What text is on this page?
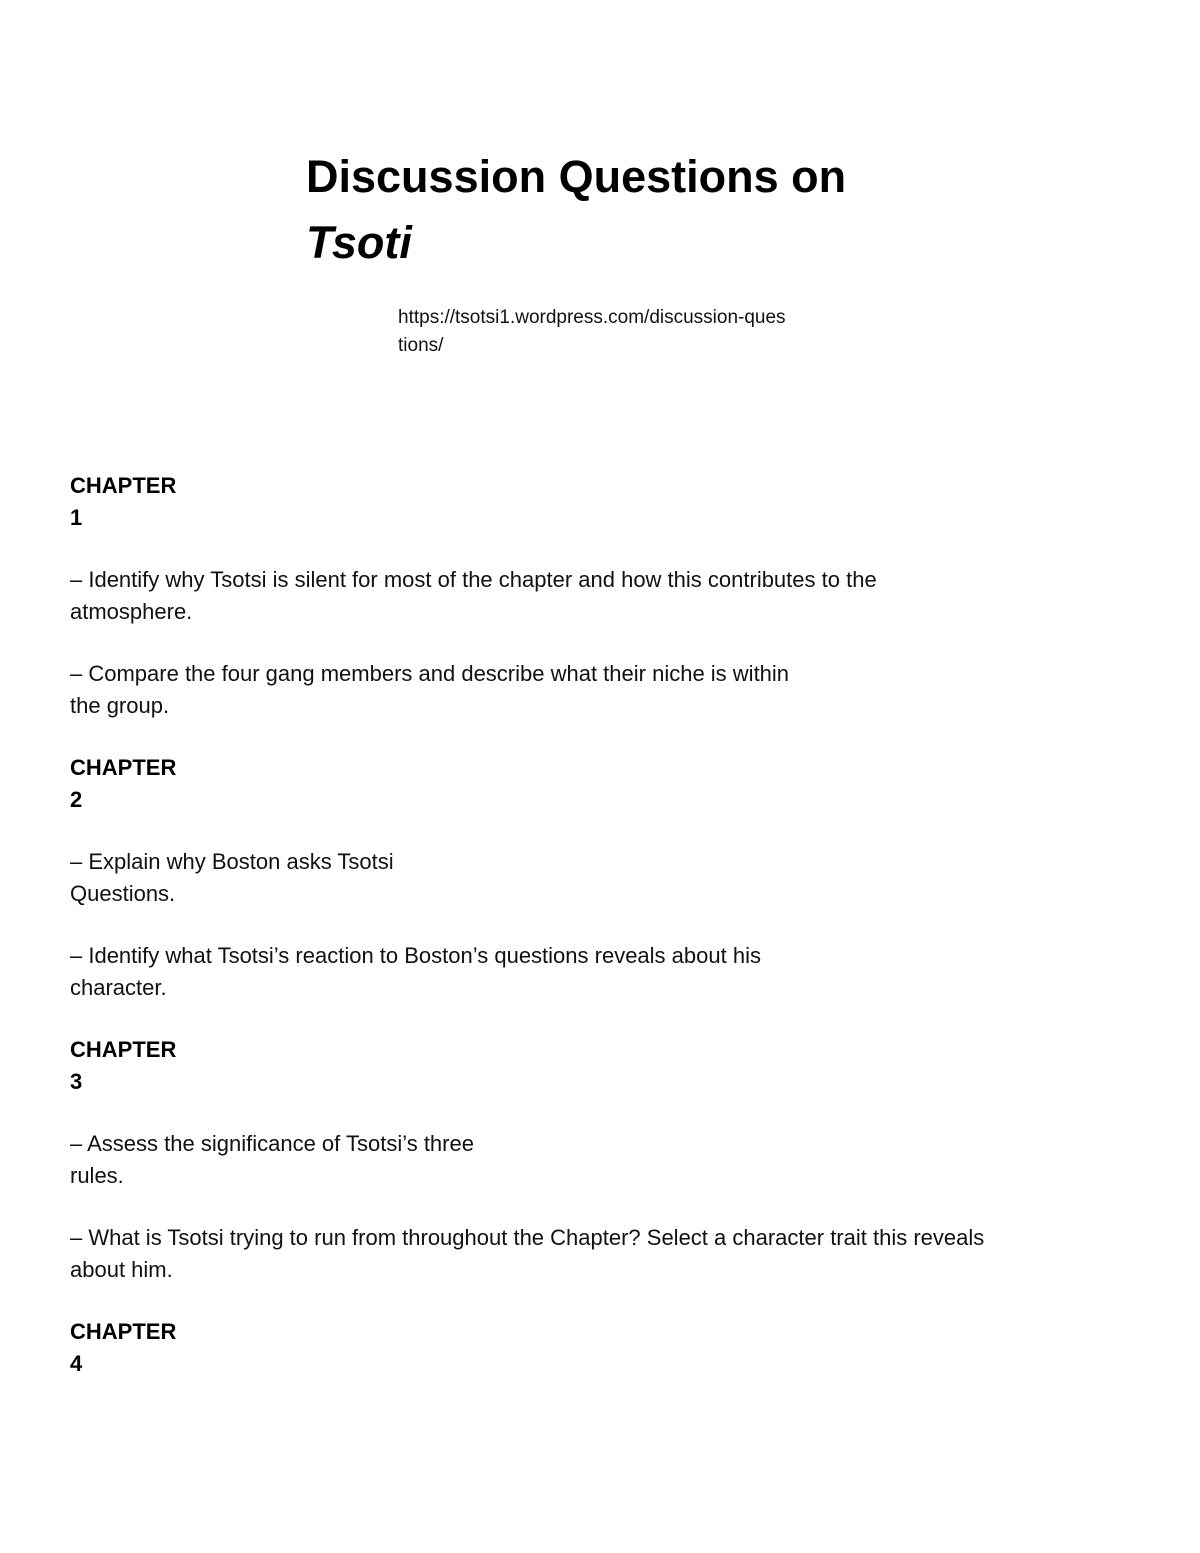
Discussion Questions on
Tsoti
https://tsotsi1.wordpress.com/discussion-ques
tions/
CHAPTER
1
– Identify why Tsotsi is silent for most of the chapter and how this contributes to the
atmosphere.
– Compare the four gang members and describe what their niche is within
the group.
CHAPTER
2
– Explain why Boston asks Tsotsi
Questions.
– Identify what Tsotsi’s reaction to Boston’s questions reveals about his
character.
CHAPTER
3
– Assess the significance of Tsotsi’s three
rules.
– What is Tsotsi trying to run from throughout the Chapter? Select a character trait this reveals
about him.
CHAPTER
4
